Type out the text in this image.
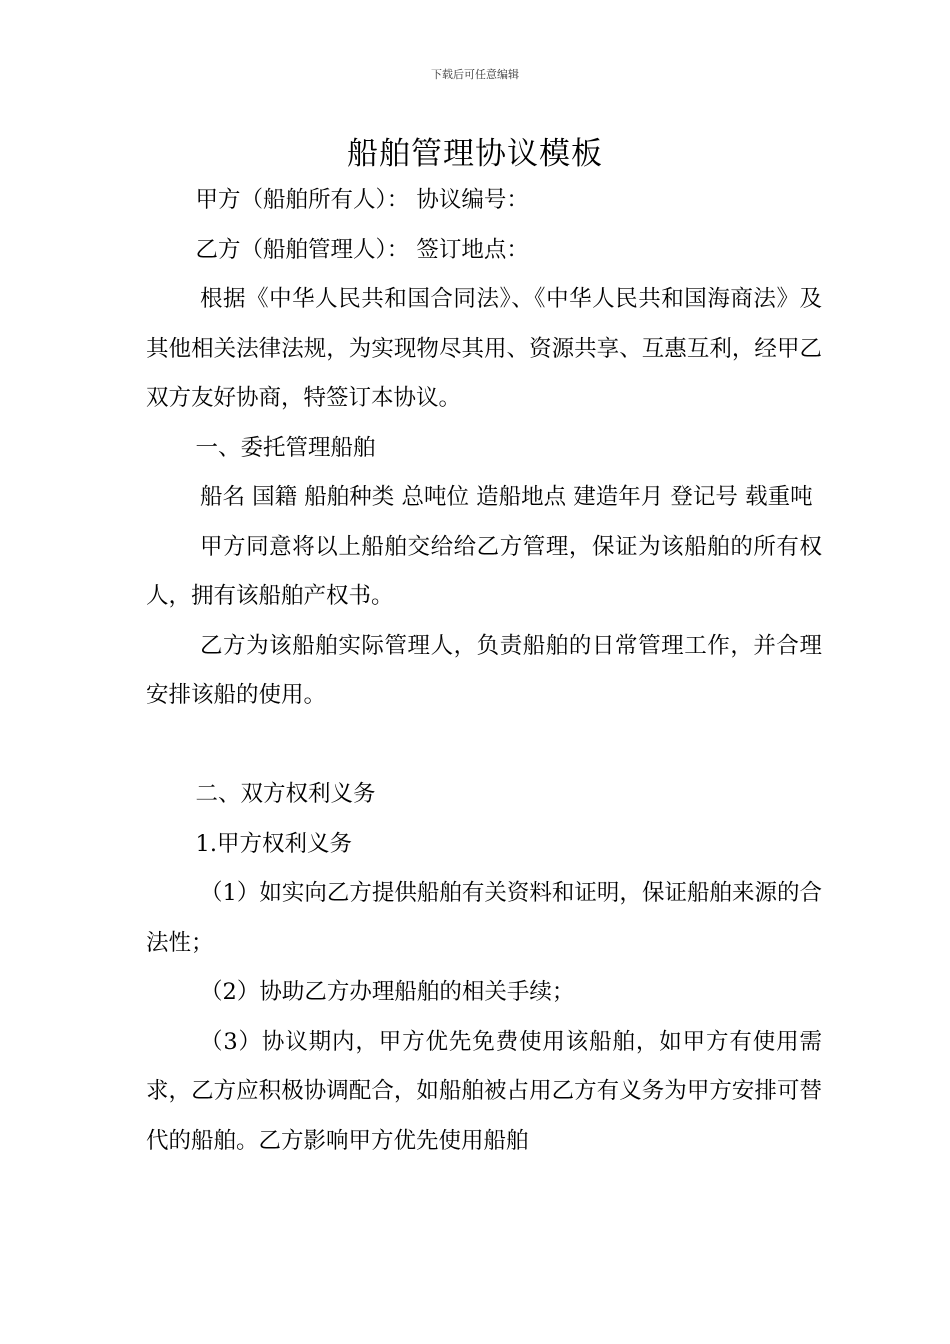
下载后可任意编辑
船舶管理协议模板

甲方（船舶所有人）： 协议编号：

乙方（船舶管理人）： 签订地点：

根据《中华人民共和国合同法》、《中华人民共和国海商法》及其他相关法律法规，为实现物尽其用、资源共享、互惠互利，经甲乙双方友好协商，特签订本协议。

一、委托管理船舶

船名 国籍 船舶种类 总吨位 造船地点 建造年月 登记号 载重吨

甲方同意将以上船舶交给给乙方管理，保证为该船舶的所有权人，拥有该船舶产权书。

乙方为该船舶实际管理人，负责船舶的日常管理工作，并合理安排该船的使用。

二、双方权利义务

1.甲方权利义务

（1）如实向乙方提供船舶有关资料和证明，保证船舶来源的合法性；

（2）协助乙方办理船舶的相关手续；

（3）协议期内，甲方优先免费使用该船舶，如甲方有使用需求，乙方应积极协调配合，如船舶被占用乙方有义务为甲方安排可替代的船舶。乙方影响甲方优先使用船舶
